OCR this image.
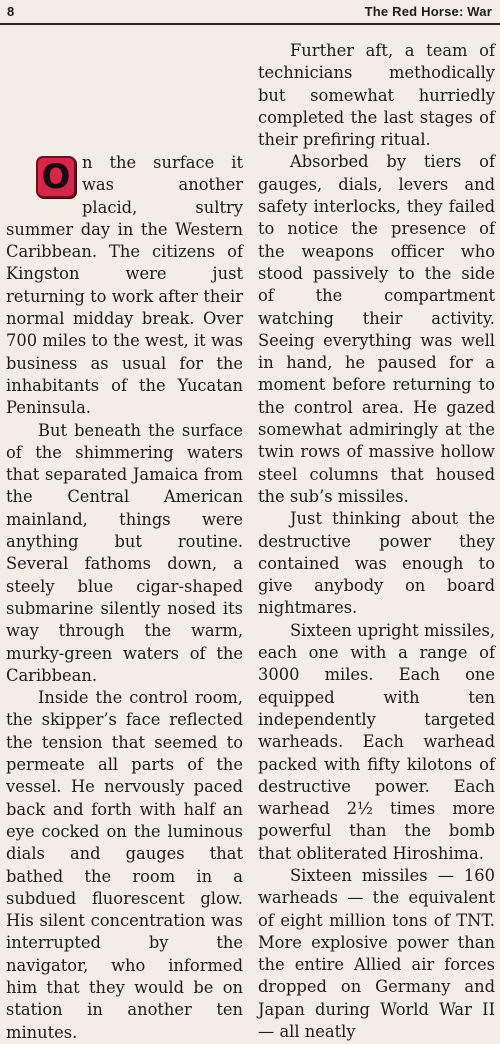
8	The Red Horse: War

O n the surface it was another placid, sultry summer day in the Western Caribbean. The citizens of Kingston were just returning to work after their normal midday break. Over 700 miles to the west, it was business as usual for the inhabitants of the Yucatan Peninsula.

But beneath the surface of the shimmering waters that separated Jamaica from the Central American mainland, things were anything but routine. Several fathoms down, a steely blue cigar-shaped submarine silently nosed its way through the warm, murky-green waters of the Caribbean.

Inside the control room, the skipper’s face reflected the tension that seemed to permeate all parts of the vessel. He nervously paced back and forth with half an eye cocked on the luminous dials and gauges that bathed the room in a subdued fluorescent glow. His silent concentration was interrupted by the navigator, who informed him that they would be on station in another ten minutes.

Further aft, a team of technicians methodically but somewhat hurriedly completed the last stages of their prefiring ritual.

Absorbed by tiers of gauges, dials, levers and safety interlocks, they failed to notice the presence of the weapons officer who stood passively to the side of the compartment watching their activity. Seeing everything was well in hand, he paused for a moment before returning to the control area. He gazed somewhat admiringly at the twin rows of massive hollow steel columns that housed the sub’s missiles.

Just thinking about the destructive power they contained was enough to give anybody on board nightmares.

Sixteen upright missiles, each one with a range of 3000 miles. Each one equipped with ten independently targeted warheads. Each warhead packed with fifty kilotons of destructive power. Each warhead 2½ times more powerful than the bomb that obliterated Hiroshima.

Sixteen missiles — 160 warheads — the equivalent of eight million tons of TNT. More explosive power than the entire Allied air forces dropped on Germany and Japan during World War II — all neatly
